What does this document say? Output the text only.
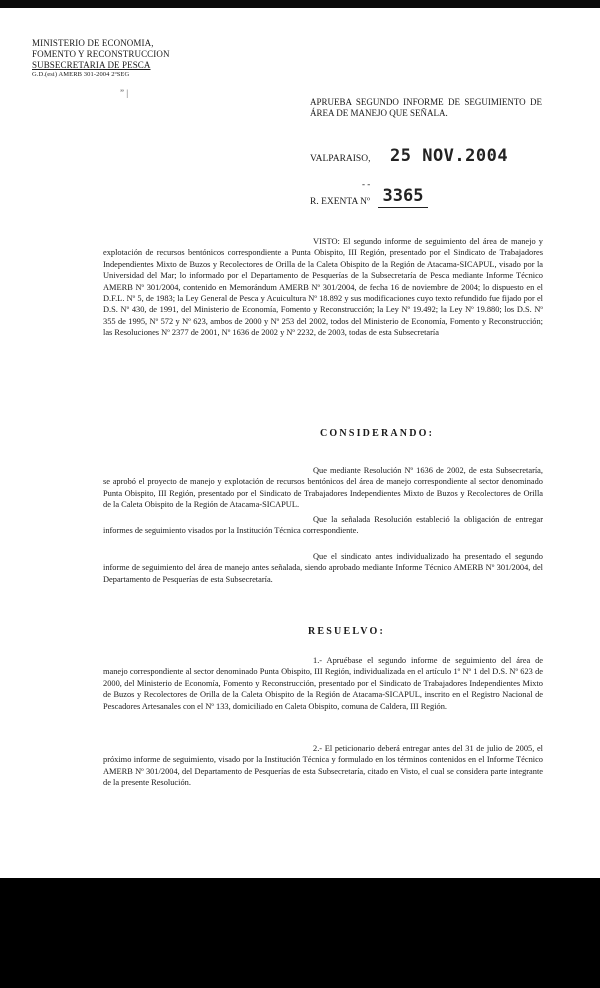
MINISTERIO DE ECONOMIA,
FOMENTO Y RECONSTRUCCION
SUBSECRETARIA DE PESCA
G.D.(esi) AMERB 301-2004 2ºSEG
” |
APRUEBA SEGUNDO INFORME DE SEGUIMIENTO DE ÁREA DE MANEJO QUE SEÑALA.
VALPARAISO, 25 NOV.2004
- -
R. EXENTA Nº 3365
VISTO: El segundo informe de seguimiento del área de manejo y explotación de recursos bentónicos correspondiente a Punta Obispito, III Región, presentado por el Sindicato de Trabajadores Independientes Mixto de Buzos y Recolectores de Orilla de la Caleta Obispito de la Región de Atacama-SICAPUL, visado por la Universidad del Mar; lo informado por el Departamento de Pesquerías de la Subsecretaría de Pesca mediante Informe Técnico AMERB Nº 301/2004, contenido en Memorándum AMERB Nº 301/2004, de fecha 16 de noviembre de 2004; lo dispuesto en el D.F.L. Nº 5, de 1983; la Ley General de Pesca y Acuicultura Nº 18.892 y sus modificaciones cuyo texto refundido fue fijado por el D.S. Nº 430, de 1991, del Ministerio de Economía, Fomento y Reconstrucción; la Ley Nº 19.492; la Ley Nº 19.880; los D.S. Nº 355 de 1995, Nº 572 y Nº 623, ambos de 2000 y Nº 253 del 2002, todos del Ministerio de Economía, Fomento y Reconstrucción; las Resoluciones Nº 2377 de 2001, Nº 1636 de 2002 y Nº 2232, de 2003, todas de esta Subsecretaría
CONSIDERANDO:
Que mediante Resolución Nº 1636 de 2002, de esta Subsecretaría, se aprobó el proyecto de manejo y explotación de recursos bentónicos del área de manejo correspondiente al sector denominado Punta Obispito, III Región, presentado por el Sindicato de Trabajadores Independientes Mixto de Buzos y Recolectores de Orilla de la Caleta Obispito de la Región de Atacama-SICAPUL.
Que la señalada Resolución estableció la obligación de entregar informes de seguimiento visados por la Institución Técnica correspondiente.
Que el sindicato antes individualizado ha presentado el segundo informe de seguimiento del área de manejo antes señalada, siendo aprobado mediante Informe Técnico AMERB Nº 301/2004, del Departamento de Pesquerías de esta Subsecretaría.
RESUELVO:
1.- Apruébase el segundo informe de seguimiento del área de manejo correspondiente al sector denominado Punta Obispito, III Región, individualizada en el artículo 1º Nº 1 del D.S. Nº 623 de 2000, del Ministerio de Economía, Fomento y Reconstrucción, presentado por el Sindicato de Trabajadores Independientes Mixto de Buzos y Recolectores de Orilla de la Caleta Obispito de la Región de Atacama-SICAPUL, inscrito en el Registro Nacional de Pescadores Artesanales con el Nº 133, domiciliado en Caleta Obispito, comuna de Caldera, III Región.
2.- El peticionario deberá entregar antes del 31 de julio de 2005, el próximo informe de seguimiento, visado por la Institución Técnica y formulado en los términos contenidos en el Informe Técnico AMERB Nº 301/2004, del Departamento de Pesquerías de esta Subsecretaría, citado en Visto, el cual se considera parte integrante de la presente Resolución.
